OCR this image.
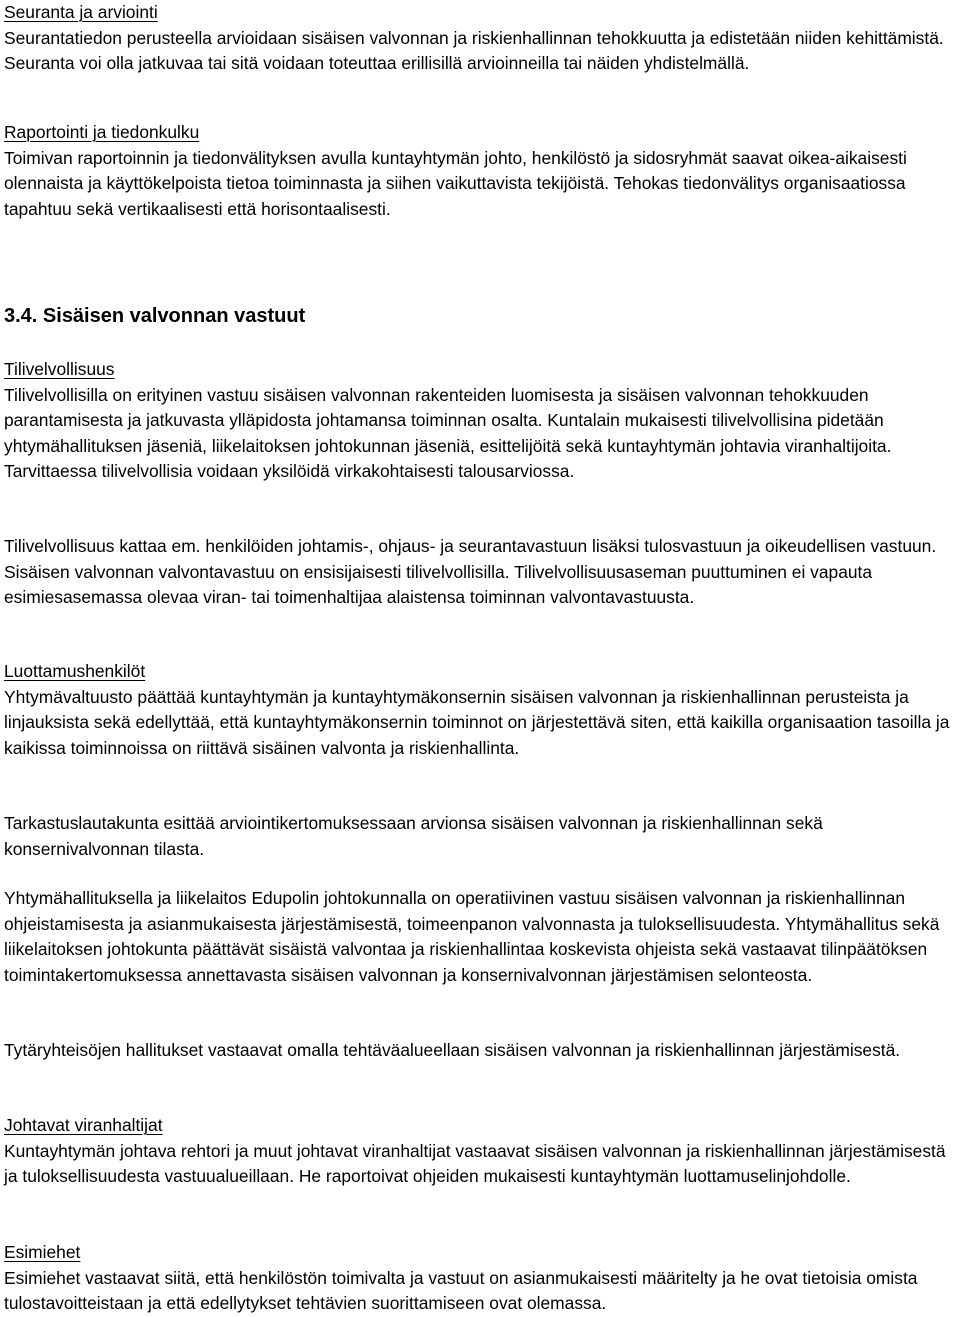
Seuranta ja arviointi

Seurantatiedon perusteella arvioidaan sisäisen valvonnan ja riskienhallinnan tehokkuutta ja edistetään niiden kehittämistä. Seuranta voi olla jatkuvaa tai sitä voidaan toteuttaa erillisillä arvioinneilla tai näiden yhdistelmällä.

Raportointi ja tiedonkulku

Toimivan raportoinnin ja tiedonvälityksen avulla kuntayhtymän johto, henkilöstö ja sidosryhmät saavat oikea-aikaisesti olennaista ja käyttökelpoista tietoa toiminnasta ja siihen vaikuttavista tekijöistä. Tehokas tiedonvälitys organisaatiossa tapahtuu sekä vertikaalisesti että horisontaalisesti.

3.4. Sisäisen valvonnan vastuut
Tilivelvollisuus

Tilivelvollisilla on erityinen vastuu sisäisen valvonnan rakenteiden luomisesta ja sisäisen valvonnan tehokkuuden parantamisesta ja jatkuvasta ylläpidosta johtamansa toiminnan osalta. Kuntalain mukaisesti tilivelvollisina pidetään yhtymähallituksen jäseniä, liikelaitoksen johtokunnan jäseniä, esittelijöitä sekä kuntayhtymän johtavia viranhaltijoita. Tarvittaessa tilivelvollisia voidaan yksilöidä virkakohtaisesti talousarviossa.

Tilivelvollisuus kattaa em. henkilöiden johtamis-, ohjaus- ja seurantavastuun lisäksi tulosvastuun ja oikeudellisen vastuun. Sisäisen valvonnan valvontavastuu on ensisijaisesti tilivelvollisilla. Tilivelvollisuusaseman puuttuminen ei vapauta esimiesasemassa olevaa viran- tai toimenhaltijaa alaistensa toiminnan valvontavastuusta.

Luottamushenkilöt

Yhtymävaltuusto päättää kuntayhtymän ja kuntayhtymäkonsernin sisäisen valvonnan ja riskienhallinnan perusteista ja linjauksista sekä edellyttää, että kuntayhtymäkonsernin toiminnot on järjestettävä siten, että kaikilla organisaation tasoilla ja kaikissa toiminnoissa on riittävä sisäinen valvonta ja riskienhallinta.

Tarkastuslautakunta esittää arviointikertomuksessaan arvionsa sisäisen valvonnan ja riskienhallinnan sekä konsernivalvonnan tilasta.

Yhtymähallituksella ja liikelaitos Edupolin johtokunnalla on operatiivinen vastuu sisäisen valvonnan ja riskienhallinnan ohjeistamisesta ja asianmukaisesta järjestämisestä, toimeenpanon valvonnasta ja tuloksellisuudesta. Yhtymähallitus sekä liikelaitoksen johtokunta päättävät sisäistä valvontaa ja riskienhallintaa koskevista ohjeista sekä vastaavat tilinpäätöksen toimintakertomuksessa annettavasta sisäisen valvonnan ja konsernivalvonnan järjestämisen selonteosta.

Tytäryhteisöjen hallitukset vastaavat omalla tehtäväalueellaan sisäisen valvonnan ja riskienhallinnan järjestämisestä.

Johtavat viranhaltijat

Kuntayhtymän johtava rehtori ja muut johtavat viranhaltijat vastaavat sisäisen valvonnan ja riskienhallinnan järjestämisestä ja tuloksellisuudesta vastuualueillaan. He raportoivat ohjeiden mukaisesti kuntayhtymän luottamuselinjohdolle.

Esimiehet

Esimiehet vastaavat siitä, että henkilöstön toimivalta ja vastuut on asianmukaisesti määritelty ja he ovat tietoisia omista tulostavoitteistaan ja että edellytykset tehtävien suorittamiseen ovat olemassa.
